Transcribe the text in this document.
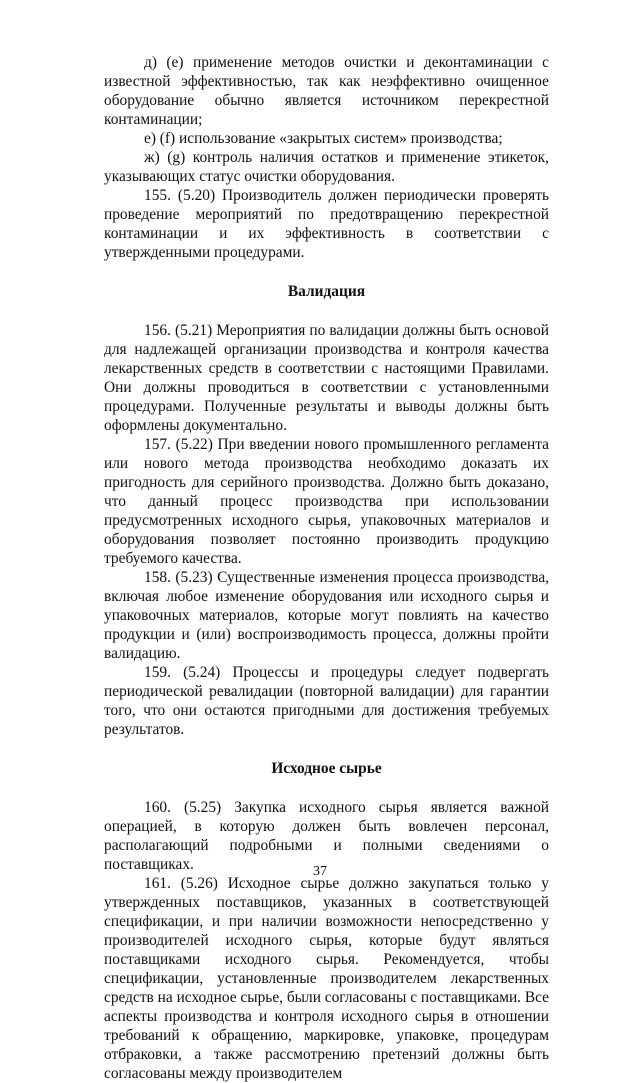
д) (е) применение методов очистки и деконтаминации с известной эффективностью, так как неэффективно очищенное оборудование обычно является источником перекрестной контаминации;

е) (f) использование «закрытых систем» производства;

ж) (g) контроль наличия остатков и применение этикеток, указывающих статус очистки оборудования.

155. (5.20) Производитель должен периодически проверять проведение мероприятий по предотвращению перекрестной контаминации и их эффективность в соответствии с утвержденными процедурами.

Валидация

156. (5.21) Мероприятия по валидации должны быть основой для надлежащей организации производства и контроля качества лекарственных средств в соответствии с настоящими Правилами. Они должны проводиться в соответствии с установленными процедурами. Полученные результаты и выводы должны быть оформлены документально.

157. (5.22) При введении нового промышленного регламента или нового метода производства необходимо доказать их пригодность для серийного производства. Должно быть доказано, что данный процесс производства при использовании предусмотренных исходного сырья, упаковочных материалов и оборудования позволяет постоянно производить продукцию требуемого качества.

158. (5.23) Существенные изменения процесса производства, включая любое изменение оборудования или исходного сырья и упаковочных материалов, которые могут повлиять на качество продукции и (или) воспроизводимость процесса, должны пройти валидацию.

159. (5.24) Процессы и процедуры следует подвергать периодической ревалидации (повторной валидации) для гарантии того, что они остаются пригодными для достижения требуемых результатов.

Исходное сырье

160. (5.25) Закупка исходного сырья является важной операцией, в которую должен быть вовлечен персонал, располагающий подробными и полными сведениями о поставщиках.

161. (5.26) Исходное сырье должно закупаться только у утвержденных поставщиков, указанных в соответствующей спецификации, и при наличии возможности непосредственно у производителей исходного сырья, которые будут являться поставщиками исходного сырья. Рекомендуется, чтобы спецификации, установленные производителем лекарственных средств на исходное сырье, были согласованы с поставщиками. Все аспекты производства и контроля исходного сырья в отношении требований к обращению, маркировке, упаковке, процедурам отбраковки, а также рассмотрению претензий должны быть согласованы между производителем

37
